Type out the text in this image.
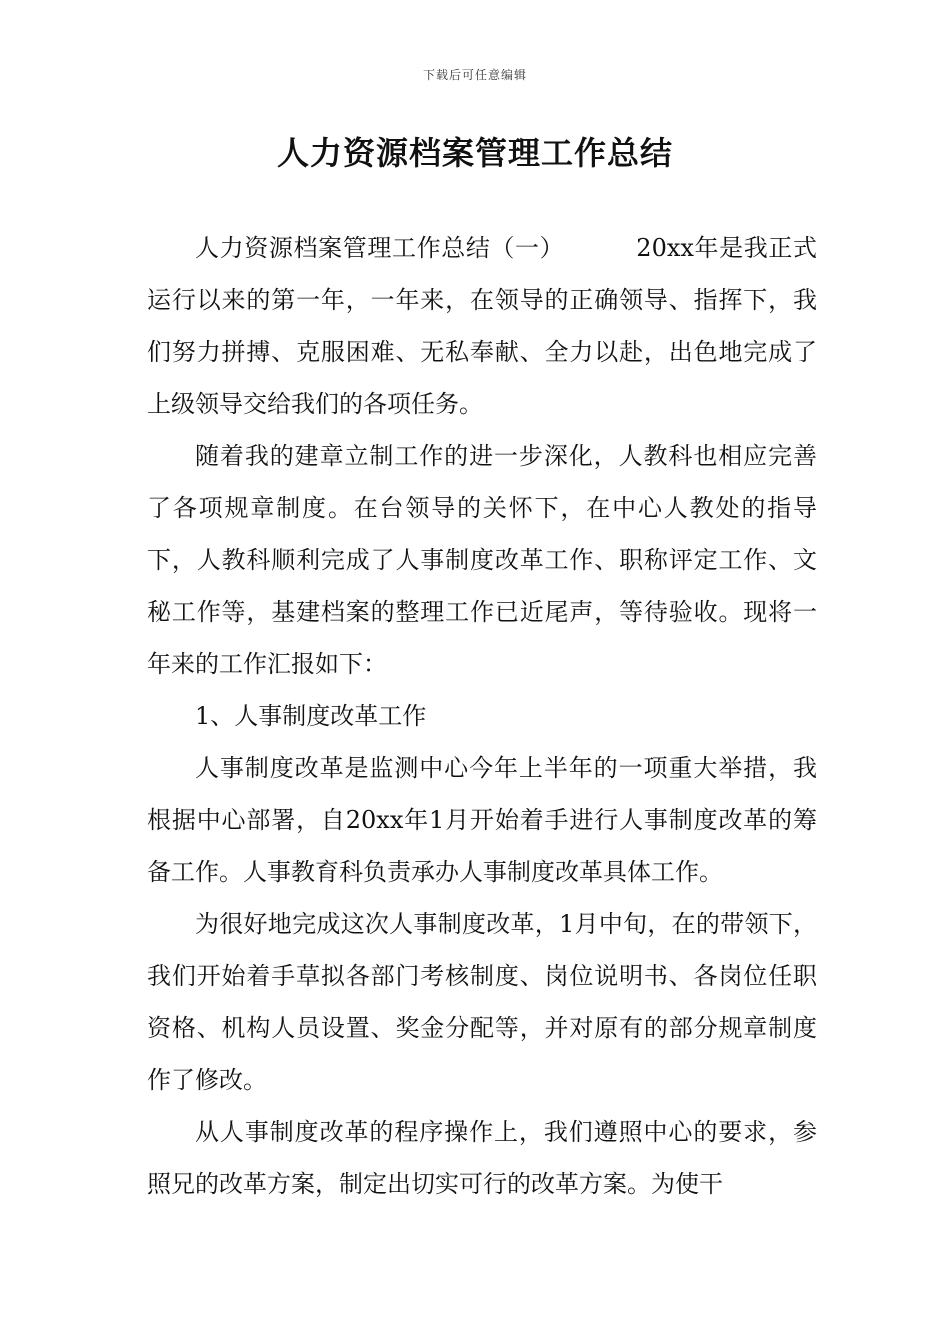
下载后可任意编辑
人力资源档案管理工作总结

人力资源档案管理工作总结（一）	20xx年是我正式运行以来的第一年，一年来，在领导的正确领导、指挥下，我们努力拼搏、克服困难、无私奉献、全力以赴，出色地完成了上级领导交给我们的各项任务。

随着我的建章立制工作的进一步深化，人教科也相应完善了各项规章制度。在台领导的关怀下，在中心人教处的指导下，人教科顺利完成了人事制度改革工作、职称评定工作、文秘工作等，基建档案的整理工作已近尾声，等待验收。现将一年来的工作汇报如下：

1、人事制度改革工作

人事制度改革是监测中心今年上半年的一项重大举措，我根据中心部署，自20xx年1月开始着手进行人事制度改革的筹备工作。人事教育科负责承办人事制度改革具体工作。

为很好地完成这次人事制度改革，1月中旬，在的带领下，我们开始着手草拟各部门考核制度、岗位说明书、各岗位任职资格、机构人员设置、奖金分配等，并对原有的部分规章制度作了修改。

从人事制度改革的程序操作上，我们遵照中心的要求，参照兄的改革方案，制定出切实可行的改革方案。为使干
